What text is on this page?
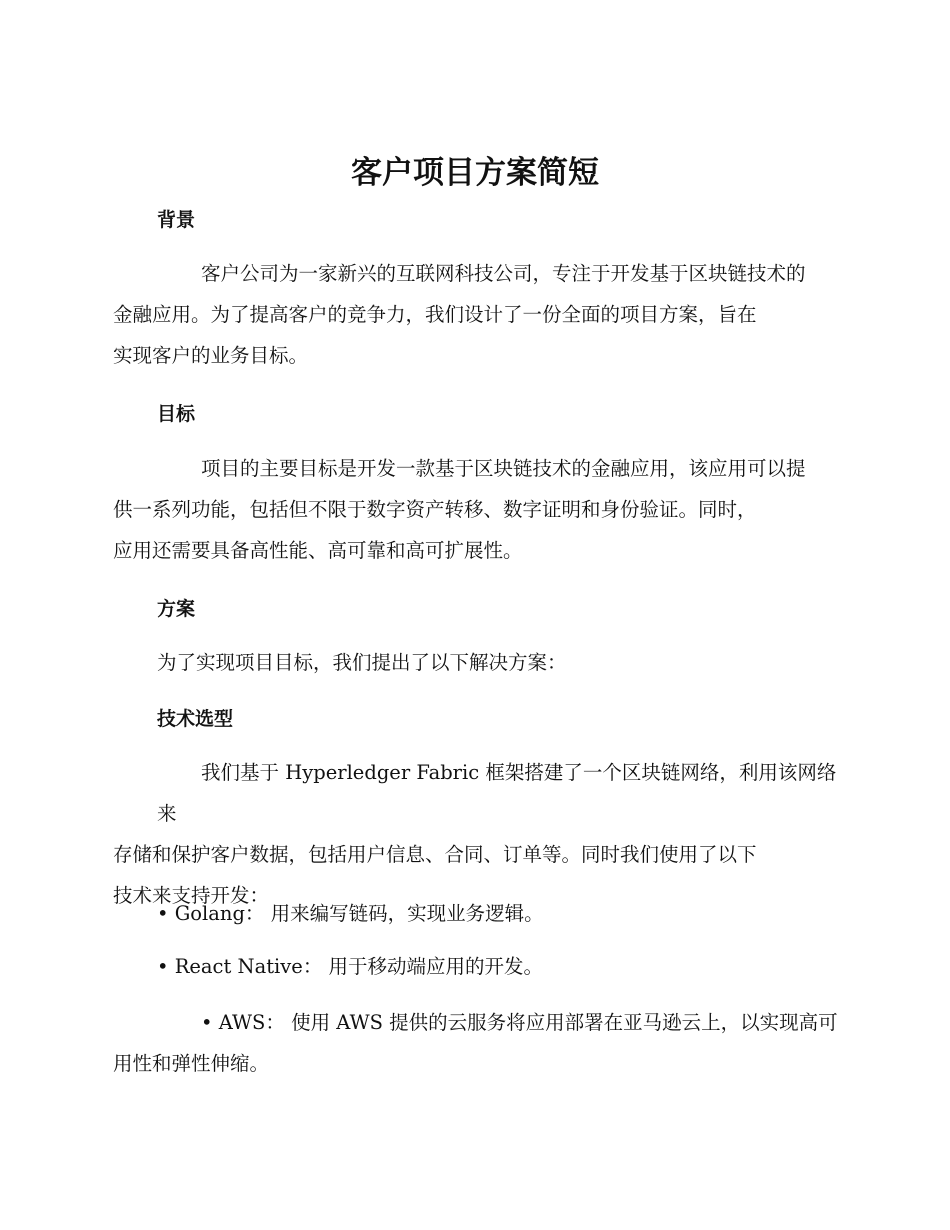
客户项目方案简短
背景
客户公司为一家新兴的互联网科技公司，专注于开发基于区块链技术的
金融应用。为了提高客户的竞争力，我们设计了一份全面的项目方案，旨在
实现客户的业务目标。
目标
项目的主要目标是开发一款基于区块链技术的金融应用，该应用可以提
供一系列功能，包括但不限于数字资产转移、数字证明和身份验证。同时，
应用还需要具备高性能、高可靠和高可扩展性。
方案

为了实现项目目标，我们提出了以下解决方案：

技术选型
我们基于 Hyperledger Fabric 框架搭建了一个区块链网络，利用该网络来
存储和保护客户数据，包括用户信息、合同、订单等。同时我们使用了以下
技术来支持开发：

• Golang： 用来编写链码，实现业务逻辑。

• React Native： 用于移动端应用的开发。

• AWS： 使用 AWS 提供的云服务将应用部署在亚马逊云上，以实现高可
用性和弹性伸缩。
